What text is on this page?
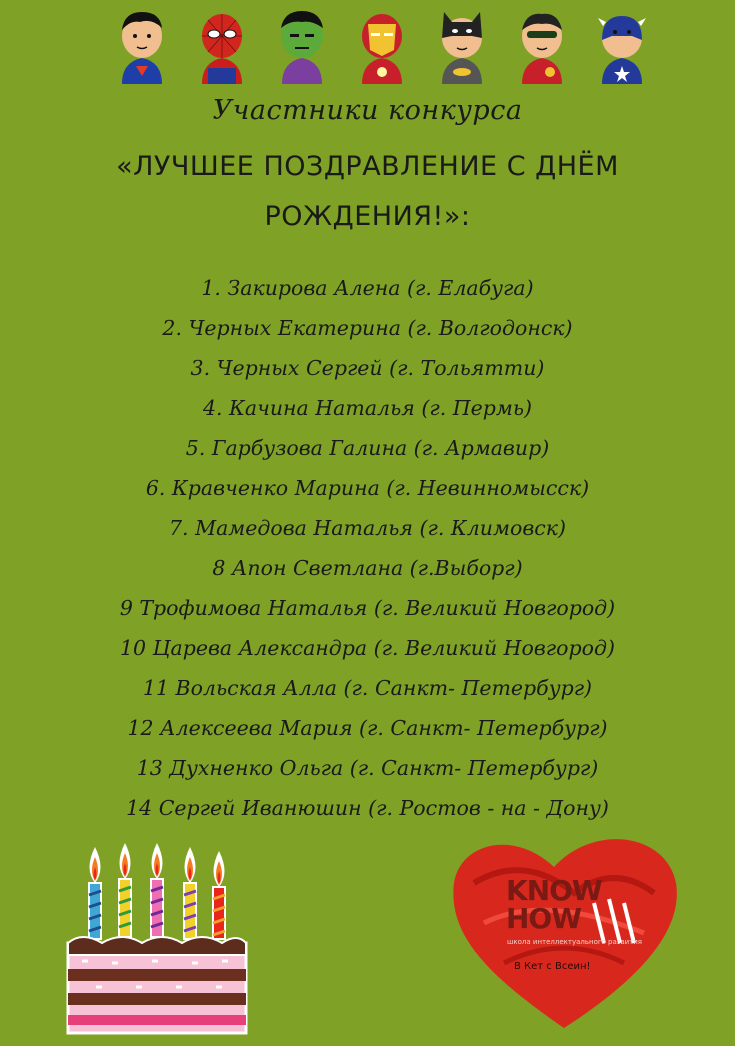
Участники конкурса
«ЛУЧШЕЕ ПОЗДРАВЛЕНИЕ С ДНЁМ РОЖДЕНИЯ!»:
1. Закирова Алена (г. Елабуга)
2. Черных Екатерина (г. Волгодонск)
3. Черных Сергей (г. Тольятти)
4. Качина Наталья (г. Пермь)
5. Гарбузова Галина (г. Армавир)
6. Кравченко Марина (г. Невинномысск)
7. Мамедова Наталья (г. Климовск)
8 Апон Светлана (г.Выборг)
9 Трофимова Наталья (г. Великий Новгород)
10 Царева Александра (г. Великий Новгород)
11 Вольская Алла (г. Санкт- Петербург)
12 Алексеева Мария (г. Санкт- Петербург)
13 Духненко Ольга (г. Санкт- Петербург)
14 Сергей Иванюшин (г. Ростов - на - Дону)
KNOW
HOW
школа интеллектуального развития
В Кет с Всеин!
